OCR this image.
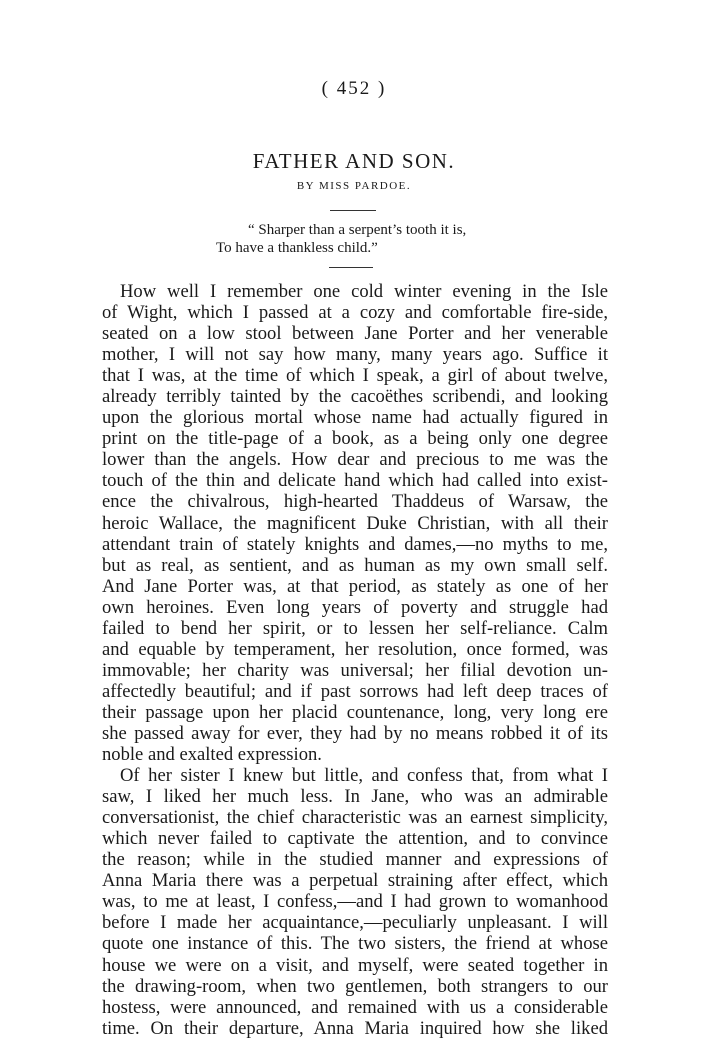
( 452 )
FATHER AND SON.
BY MISS PARDOE.
“ Sharper than a serpent’s tooth it is,
To have a thankless child.”
How well I remember one cold winter evening in the Isle
of Wight, which I passed at a cozy and comfortable fire-side,
seated on a low stool between Jane Porter and her venerable
mother, I will not say how many, many years ago. Suffice it
that I was, at the time of which I speak, a girl of about twelve,
already terribly tainted by the cacoëthes scribendi, and looking
upon the glorious mortal whose name had actually figured in
print on the title-page of a book, as a being only one degree
lower than the angels. How dear and precious to me was the
touch of the thin and delicate hand which had called into exist-
ence the chivalrous, high-hearted Thaddeus of Warsaw, the
heroic Wallace, the magnificent Duke Christian, with all their
attendant train of stately knights and dames,—no myths to me,
but as real, as sentient, and as human as my own small self.
And Jane Porter was, at that period, as stately as one of her
own heroines. Even long years of poverty and struggle had
failed to bend her spirit, or to lessen her self-reliance. Calm
and equable by temperament, her resolution, once formed, was
immovable; her charity was universal; her filial devotion un-
affectedly beautiful; and if past sorrows had left deep traces of
their passage upon her placid countenance, long, very long ere
she passed away for ever, they had by no means robbed it of its
noble and exalted expression.
Of her sister I knew but little, and confess that, from what I
saw, I liked her much less. In Jane, who was an admirable
conversationist, the chief characteristic was an earnest simplicity,
which never failed to captivate the attention, and to convince
the reason; while in the studied manner and expressions of
Anna Maria there was a perpetual straining after effect, which
was, to me at least, I confess,—and I had grown to womanhood
before I made her acquaintance,—peculiarly unpleasant. I will
quote one instance of this. The two sisters, the friend at whose
house we were on a visit, and myself, were seated together in
the drawing-room, when two gentlemen, both strangers to our
hostess, were announced, and remained with us a considerable
time. On their departure, Anna Maria inquired how she liked
